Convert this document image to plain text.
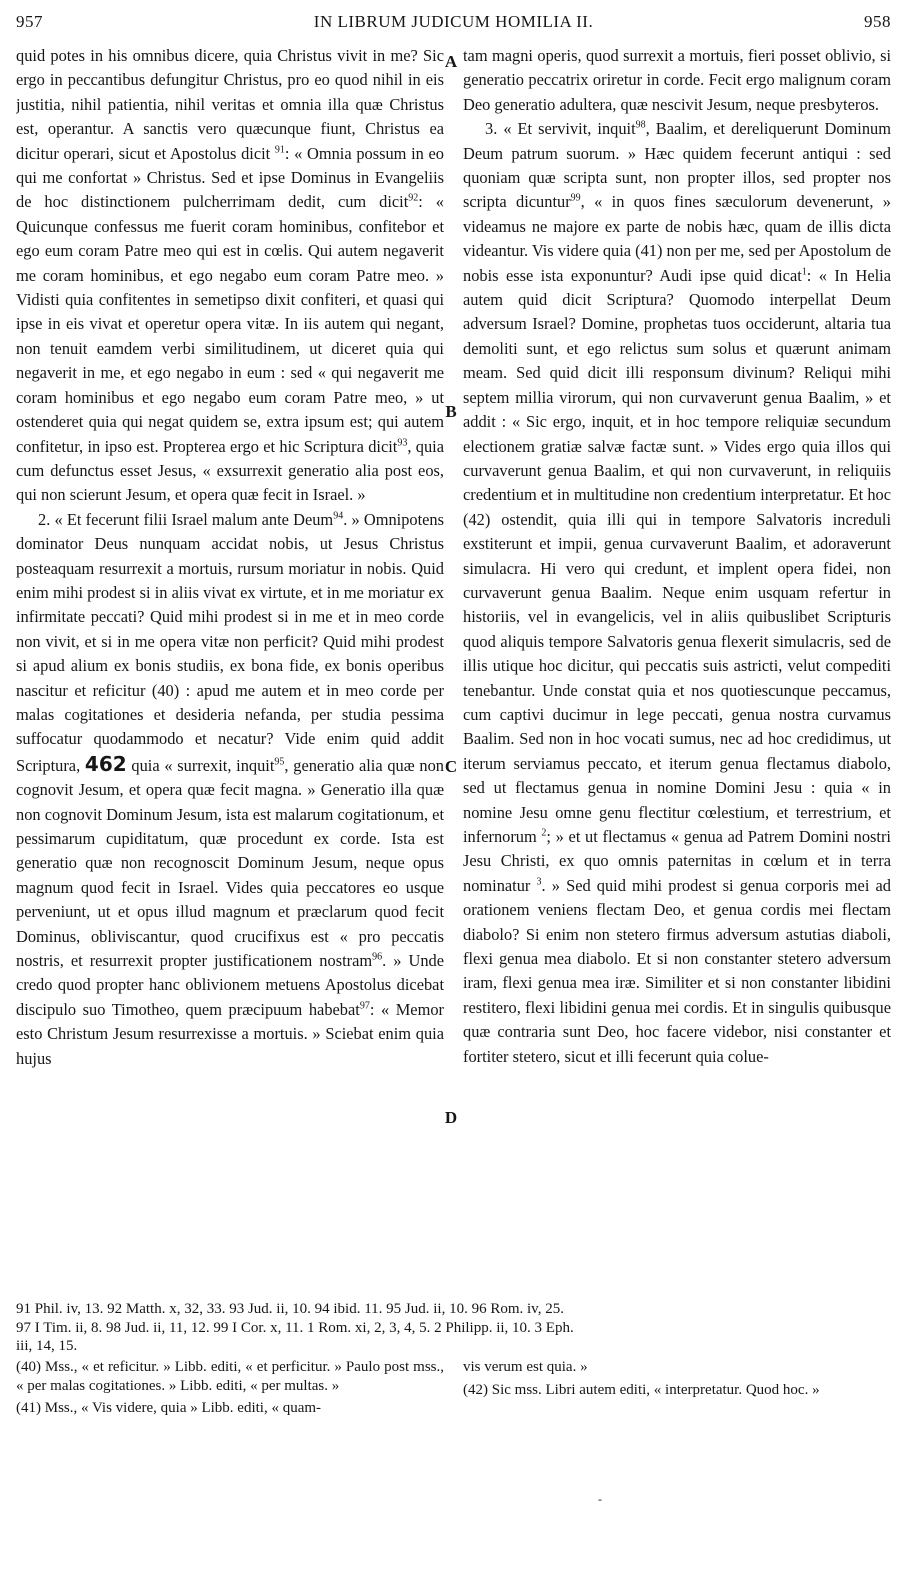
957	IN LIBRUM JUDICUM HOMILIA II.	958
A
B
C
D

quid potes in his omnibus dicere, quia Christus vivit in me? Sic ergo in peccantibus defungitur Christus, pro eo quod nihil in eis justitia, nihil patientia, nihil veritas et omnia illa quæ Christus est, operantur. A sanctis vero quæcunque fiunt, Christus ea dicitur operari, sicut et Apostolus dicit $^{91}$: « Omnia possum in eo qui me confortat » Christus. Sed et ipse Dominus in Evangeliis de hoc distinctionem pulcherrimam dedit, cum dicit$^{92}$: « Quicunque confessus me fuerit coram hominibus, confitebor et ego eum coram Patre meo qui est in cœlis. Qui autem negaverit me coram hominibus, et ego negabo eum coram Patre meo. » Vidisti quia confitentes in semetipso dixit confiteri, et quasi qui ipse in eis vivat et operetur opera vitæ. In iis autem qui negant, non tenuit eamdem verbi similitudinem, ut diceret quia qui negaverit in me, et ego negabo in eum : sed « qui negaverit me coram hominibus et ego negabo eum coram Patre meo, » ut ostenderet quia qui negat quidem se, extra ipsum est; qui autem confitetur, in ipso est. Propterea ergo et hic Scriptura dicit$^{93}$, quia cum defunctus esset Jesus, « exsurrexit generatio alia post eos, qui non scierunt Jesum, et opera quæ fecit in Israel. »

2. « Et fecerunt filii Israel malum ante Deum$^{94}$. » Omnipotens dominator Deus nunquam accidat nobis, ut Jesus Christus posteaquam resurrexit a mortuis, rursum moriatur in nobis. Quid enim mihi prodest si in aliis vivat ex virtute, et in me moriatur ex infirmitate peccati? Quid mihi prodest si in me et in meo corde non vivit, et si in me opera vitæ non perficit? Quid mihi prodest si apud alium ex bonis studiis, ex bona fide, ex bonis operibus nascitur et reficitur (40) : apud me autem et in meo corde per malas cogitationes et desideria nefanda, per studia pessima suffocatur quodammodo et necatur? Vide enim quid addit Scriptura, 462 quia « surrexit, inquit$^{95}$, generatio alia quæ non cognovit Jesum, et opera quæ fecit magna. » Generatio illa quæ non cognovit Dominum Jesum, ista est malarum cogitationum, et pessimarum cupiditatum, quæ procedunt ex corde. Ista est generatio quæ non recognoscit Dominum Jesum, neque opus magnum quod fecit in Israel. Vides quia peccatores eo usque perveniunt, ut et opus illud magnum et præclarum quod fecit Dominus, obliviscantur, quod crucifixus est « pro peccatis nostris, et resurrexit propter justificationem nostram$^{96}$. » Unde credo quod propter hanc oblivionem metuens Apostolus dicebat discipulo suo Timotheo, quem præcipuum habebat$^{97}$: « Memor esto Christum Jesum resurrexisse a mortuis. » Sciebat enim quia hujus

tam magni operis, quod surrexit a mortuis, fieri posset oblivio, si generatio peccatrix oriretur in corde. Fecit ergo malignum coram Deo generatio adultera, quæ nescivit Jesum, neque presbyteros.

3. « Et servivit, inquit$^{98}$, Baalim, et dereliquerunt Dominum Deum patrum suorum. » Hæc quidem fecerunt antiqui : sed quoniam quæ scripta sunt, non propter illos, sed propter nos scripta dicuntur$^{99}$, « in quos fines sæculorum devenerunt, » videamus ne majore ex parte de nobis hæc, quam de illis dicta videantur. Vis videre quia (41) non per me, sed per Apostolum de nobis esse ista exponuntur? Audi ipse quid dicat$^1$: « In Helia autem quid dicit Scriptura? Quomodo interpellat Deum adversum Israel? Domine, prophetas tuos occiderunt, altaria tua demoliti sunt, et ego relictus sum solus et quærunt animam meam. Sed quid dicit illi responsum divinum? Reliqui mihi septem millia virorum, qui non curvaverunt genua Baalim, » et addit : « Sic ergo, inquit, et in hoc tempore reliquiæ secundum electionem gratiæ salvæ factæ sunt. » Vides ergo quia illos qui curvaverunt genua Baalim, et qui non curvaverunt, in reliquiis credentium et in multitudine non credentium interpretatur. Et hoc (42) ostendit, quia illi qui in tempore Salvatoris increduli exstiterunt et impii, genua curvaverunt Baalim, et adoraverunt simulacra. Hi vero qui credunt, et implent opera fidei, non curvaverunt genua Baalim. Neque enim usquam refertur in historiis, vel in evangelicis, vel in aliis quibuslibet Scripturis quod aliquis tempore Salvatoris genua flexerit simulacris, sed de illis utique hoc dicitur, qui peccatis suis astricti, velut compediti tenebantur. Unde constat quia et nos quotiescunque peccamus, cum captivi ducimur in lege peccati, genua nostra curvamus Baalim. Sed non in hoc vocati sumus, nec ad hoc credidimus, ut iterum serviamus peccato, et iterum genua flectamus diabolo, sed ut flectamus genua in nomine Domini Jesu : quia « in nomine Jesu omne genu flectitur cœlestium, et terrestrium, et infernorum $^2$; » et ut flectamus « genua ad Patrem Domini nostri Jesu Christi, ex quo omnis paternitas in cœlum et in terra nominatur $^3$. » Sed quid mihi prodest si genua corporis mei ad orationem veniens flectam Deo, et genua cordis mei flectam diabolo? Si enim non stetero firmus adversum astutias diaboli, flexi genua mea diabolo. Et si non constanter stetero adversum iram, flexi genua mea iræ. Similiter et si non constanter libidini restitero, flexi libidini genua mei cordis. Et in singulis quibusque quæ contraria sunt Deo, hoc facere videbor, nisi constanter et fortiter stetero, sicut et illi fecerunt quia colue-

91 Phil. iv, 13. 92 Matth. x, 32, 33. 93 Jud. ii, 10. 94 ibid. 11. 95 Jud. ii, 10. 96 Rom. iv, 25.
97 I Tim. ii, 8. 98 Jud. ii, 11, 12. 99 I Cor. x, 11. 1 Rom. xi, 2, 3, 4, 5. 2 Philipp. ii, 10. 3 Eph.
iii, 14, 15.

(40) Mss., « et reficitur. » Libb. editi, « et perficitur. » Paulo post mss., « per malas cogitationes. » Libb. editi, « per multas. »

(41) Mss., « Vis videre, quia » Libb. editi, « quam-

vis verum est quia. »

(42) Sic mss. Libri autem editi, « interpretatur. Quod hoc. »

-
